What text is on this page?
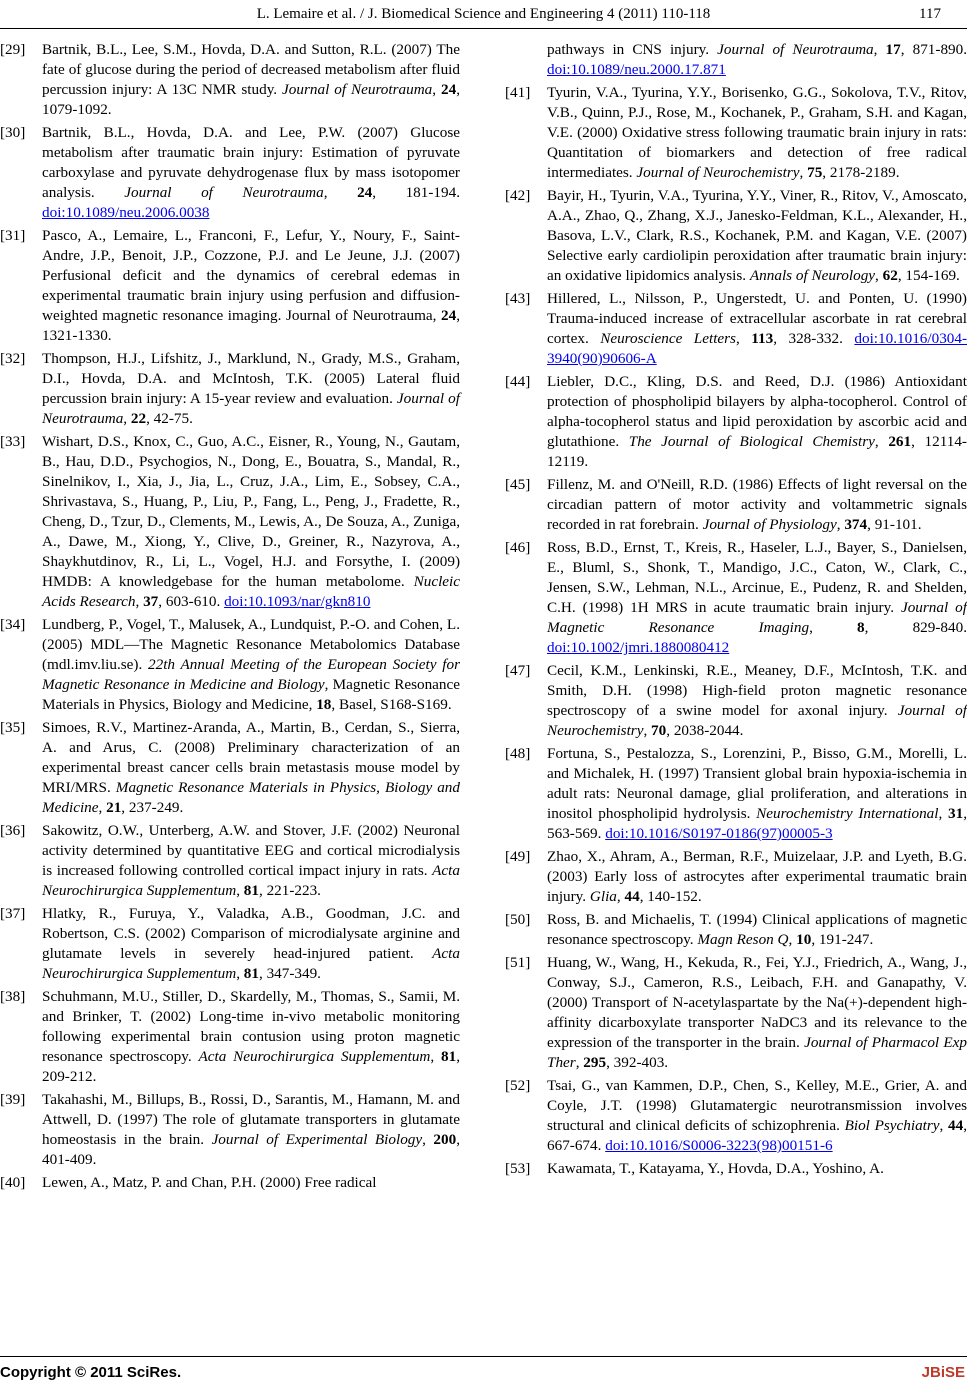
L. Lemaire et al. / J. Biomedical Science and Engineering 4 (2011) 110-118	117
[29] Bartnik, B.L., Lee, S.M., Hovda, D.A. and Sutton, R.L. (2007) The fate of glucose during the period of decreased metabolism after fluid percussion injury: A 13C NMR study. Journal of Neurotrauma, 24, 1079-1092.
[30] Bartnik, B.L., Hovda, D.A. and Lee, P.W. (2007) Glucose metabolism after traumatic brain injury: Estimation of pyruvate carboxylase and pyruvate dehydrogenase flux by mass isotopomer analysis. Journal of Neurotrauma, 24, 181-194. doi:10.1089/neu.2006.0038
[31] Pasco, A., Lemaire, L., Franconi, F., Lefur, Y., Noury, F., Saint-Andre, J.P., Benoit, J.P., Cozzone, P.J. and Le Jeune, J.J. (2007) Perfusional deficit and the dynamics of cerebral edemas in experimental traumatic brain injury using perfusion and diffusion-weighted magnetic resonance imaging. Journal of Neurotrauma, 24, 1321-1330.
[32] Thompson, H.J., Lifshitz, J., Marklund, N., Grady, M.S., Graham, D.I., Hovda, D.A. and McIntosh, T.K. (2005) Lateral fluid percussion brain injury: A 15-year review and evaluation. Journal of Neurotrauma, 22, 42-75.
[33] Wishart, D.S., Knox, C., Guo, A.C., Eisner, R., Young, N., Gautam, B., Hau, D.D., Psychogios, N., Dong, E., Bouatra, S., Mandal, R., Sinelnikov, I., Xia, J., Jia, L., Cruz, J.A., Lim, E., Sobsey, C.A., Shrivastava, S., Huang, P., Liu, P., Fang, L., Peng, J., Fradette, R., Cheng, D., Tzur, D., Clements, M., Lewis, A., De Souza, A., Zuniga, A., Dawe, M., Xiong, Y., Clive, D., Greiner, R., Nazyrova, A., Shaykhutdinov, R., Li, L., Vogel, H.J. and Forsythe, I. (2009) HMDB: A knowledgebase for the human metabolome. Nucleic Acids Research, 37, 603-610. doi:10.1093/nar/gkn810
[34] Lundberg, P., Vogel, T., Malusek, A., Lundquist, P.-O. and Cohen, L. (2005) MDL—The Magnetic Resonance Metabolomics Database (mdl.imv.liu.se). 22th Annual Meeting of the European Society for Magnetic Resonance in Medicine and Biology, Magnetic Resonance Materials in Physics, Biology and Medicine, 18, Basel, S168-S169.
[35] Simoes, R.V., Martinez-Aranda, A., Martin, B., Cerdan, S., Sierra, A. and Arus, C. (2008) Preliminary characterization of an experimental breast cancer cells brain metastasis mouse model by MRI/MRS. Magnetic Resonance Materials in Physics, Biology and Medicine, 21, 237-249.
[36] Sakowitz, O.W., Unterberg, A.W. and Stover, J.F. (2002) Neuronal activity determined by quantitative EEG and cortical microdialysis is increased following controlled cortical impact injury in rats. Acta Neurochirurgica Supplementum, 81, 221-223.
[37] Hlatky, R., Furuya, Y., Valadka, A.B., Goodman, J.C. and Robertson, C.S. (2002) Comparison of microdialysate arginine and glutamate levels in severely head-injured patient. Acta Neurochirurgica Supplementum, 81, 347-349.
[38] Schuhmann, M.U., Stiller, D., Skardelly, M., Thomas, S., Samii, M. and Brinker, T. (2002) Long-time in-vivo metabolic monitoring following experimental brain contusion using proton magnetic resonance spectroscopy. Acta Neurochirurgica Supplementum, 81, 209-212.
[39] Takahashi, M., Billups, B., Rossi, D., Sarantis, M., Hamann, M. and Attwell, D. (1997) The role of glutamate transporters in glutamate homeostasis in the brain. Journal of Experimental Biology, 200, 401-409.
[40] Lewen, A., Matz, P. and Chan, P.H. (2000) Free radical
pathways in CNS injury. Journal of Neurotrauma, 17, 871-890. doi:10.1089/neu.2000.17.871
[41] Tyurin, V.A., Tyurina, Y.Y., Borisenko, G.G., Sokolova, T.V., Ritov, V.B., Quinn, P.J., Rose, M., Kochanek, P., Graham, S.H. and Kagan, V.E. (2000) Oxidative stress following traumatic brain injury in rats: Quantitation of biomarkers and detection of free radical intermediates. Journal of Neurochemistry, 75, 2178-2189.
[42] Bayir, H., Tyurin, V.A., Tyurina, Y.Y., Viner, R., Ritov, V., Amoscato, A.A., Zhao, Q., Zhang, X.J., Janesko-Feldman, K.L., Alexander, H., Basova, L.V., Clark, R.S., Kochanek, P.M. and Kagan, V.E. (2007) Selective early cardiolipin peroxidation after traumatic brain injury: an oxidative lipidomics analysis. Annals of Neurology, 62, 154-169.
[43] Hillered, L., Nilsson, P., Ungerstedt, U. and Ponten, U. (1990) Trauma-induced increase of extracellular ascorbate in rat cerebral cortex. Neuroscience Letters, 113, 328-332. doi:10.1016/0304-3940(90)90606-A
[44] Liebler, D.C., Kling, D.S. and Reed, D.J. (1986) Antioxidant protection of phospholipid bilayers by alpha-tocopherol. Control of alpha-tocopherol status and lipid peroxidation by ascorbic acid and glutathione. The Journal of Biological Chemistry, 261, 12114-12119.
[45] Fillenz, M. and O'Neill, R.D. (1986) Effects of light reversal on the circadian pattern of motor activity and voltammetric signals recorded in rat forebrain. Journal of Physiology, 374, 91-101.
[46] Ross, B.D., Ernst, T., Kreis, R., Haseler, L.J., Bayer, S., Danielsen, E., Bluml, S., Shonk, T., Mandigo, J.C., Caton, W., Clark, C., Jensen, S.W., Lehman, N.L., Arcinue, E., Pudenz, R. and Shelden, C.H. (1998) 1H MRS in acute traumatic brain injury. Journal of Magnetic Resonance Imaging, 8, 829-840. doi:10.1002/jmri.1880080412
[47] Cecil, K.M., Lenkinski, R.E., Meaney, D.F., McIntosh, T.K. and Smith, D.H. (1998) High-field proton magnetic resonance spectroscopy of a swine model for axonal injury. Journal of Neurochemistry, 70, 2038-2044.
[48] Fortuna, S., Pestalozza, S., Lorenzini, P., Bisso, G.M., Morelli, L. and Michalek, H. (1997) Transient global brain hypoxia-ischemia in adult rats: Neuronal damage, glial proliferation, and alterations in inositol phospholipid hydrolysis. Neurochemistry International, 31, 563-569. doi:10.1016/S0197-0186(97)00005-3
[49] Zhao, X., Ahram, A., Berman, R.F., Muizelaar, J.P. and Lyeth, B.G. (2003) Early loss of astrocytes after experimental traumatic brain injury. Glia, 44, 140-152.
[50] Ross, B. and Michaelis, T. (1994) Clinical applications of magnetic resonance spectroscopy. Magn Reson Q, 10, 191-247.
[51] Huang, W., Wang, H., Kekuda, R., Fei, Y.J., Friedrich, A., Wang, J., Conway, S.J., Cameron, R.S., Leibach, F.H. and Ganapathy, V. (2000) Transport of N-acetylaspartate by the Na(+)-dependent high-affinity dicarboxylate transporter NaDC3 and its relevance to the expression of the transporter in the brain. Journal of Pharmacol Exp Ther, 295, 392-403.
[52] Tsai, G., van Kammen, D.P., Chen, S., Kelley, M.E., Grier, A. and Coyle, J.T. (1998) Glutamatergic neurotransmission involves structural and clinical deficits of schizophrenia. Biol Psychiatry, 44, 667-674. doi:10.1016/S0006-3223(98)00151-6
[53] Kawamata, T., Katayama, Y., Hovda, D.A., Yoshino, A.
Copyright © 2011 SciRes.	JBiSE
